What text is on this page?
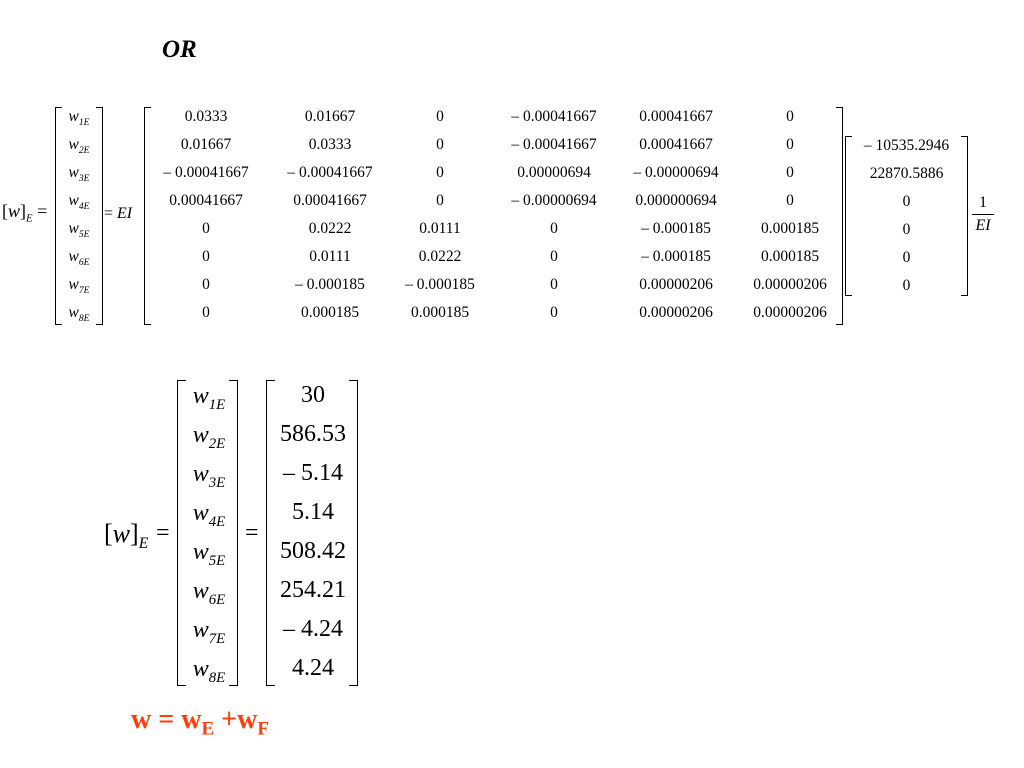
OR
$[w]_E$ =
$w_{1E}$
$w_{2E}$
$w_{3E}$
$w_{4E}$
$w_{5E}$
$w_{6E}$
$w_{7E}$
$w_{8E}$
= EI
0.0333	0.01667	0	– 0.00041667	0.00041667	0
0.01667	0.0333	0	– 0.00041667	0.00041667	0
– 0.00041667	– 0.00041667	0	0.00000694	– 0.00000694	0
0.00041667	0.00041667	0	– 0.00000694	0.000000694	0
0	0.0222	0.0111	0	– 0.000185	0.000185
0	0.0111	0.0222	0	– 0.000185	0.000185
0	– 0.000185	– 0.000185	0	0.00000206	0.00000206
0	0.000185	0.000185	0	0.00000206	0.00000206
– 10535.2946
22870.5886
0
0
0
0
1
EI
$[w]_E$ =
$w_{1E}$
$w_{2E}$
$w_{3E}$
$w_{4E}$
$w_{5E}$
$w_{6E}$
$w_{7E}$
$w_{8E}$
=
30
586.53
– 5.14
5.14
508.42
254.21
– 4.24
4.24
$w = w_E +w_F$
